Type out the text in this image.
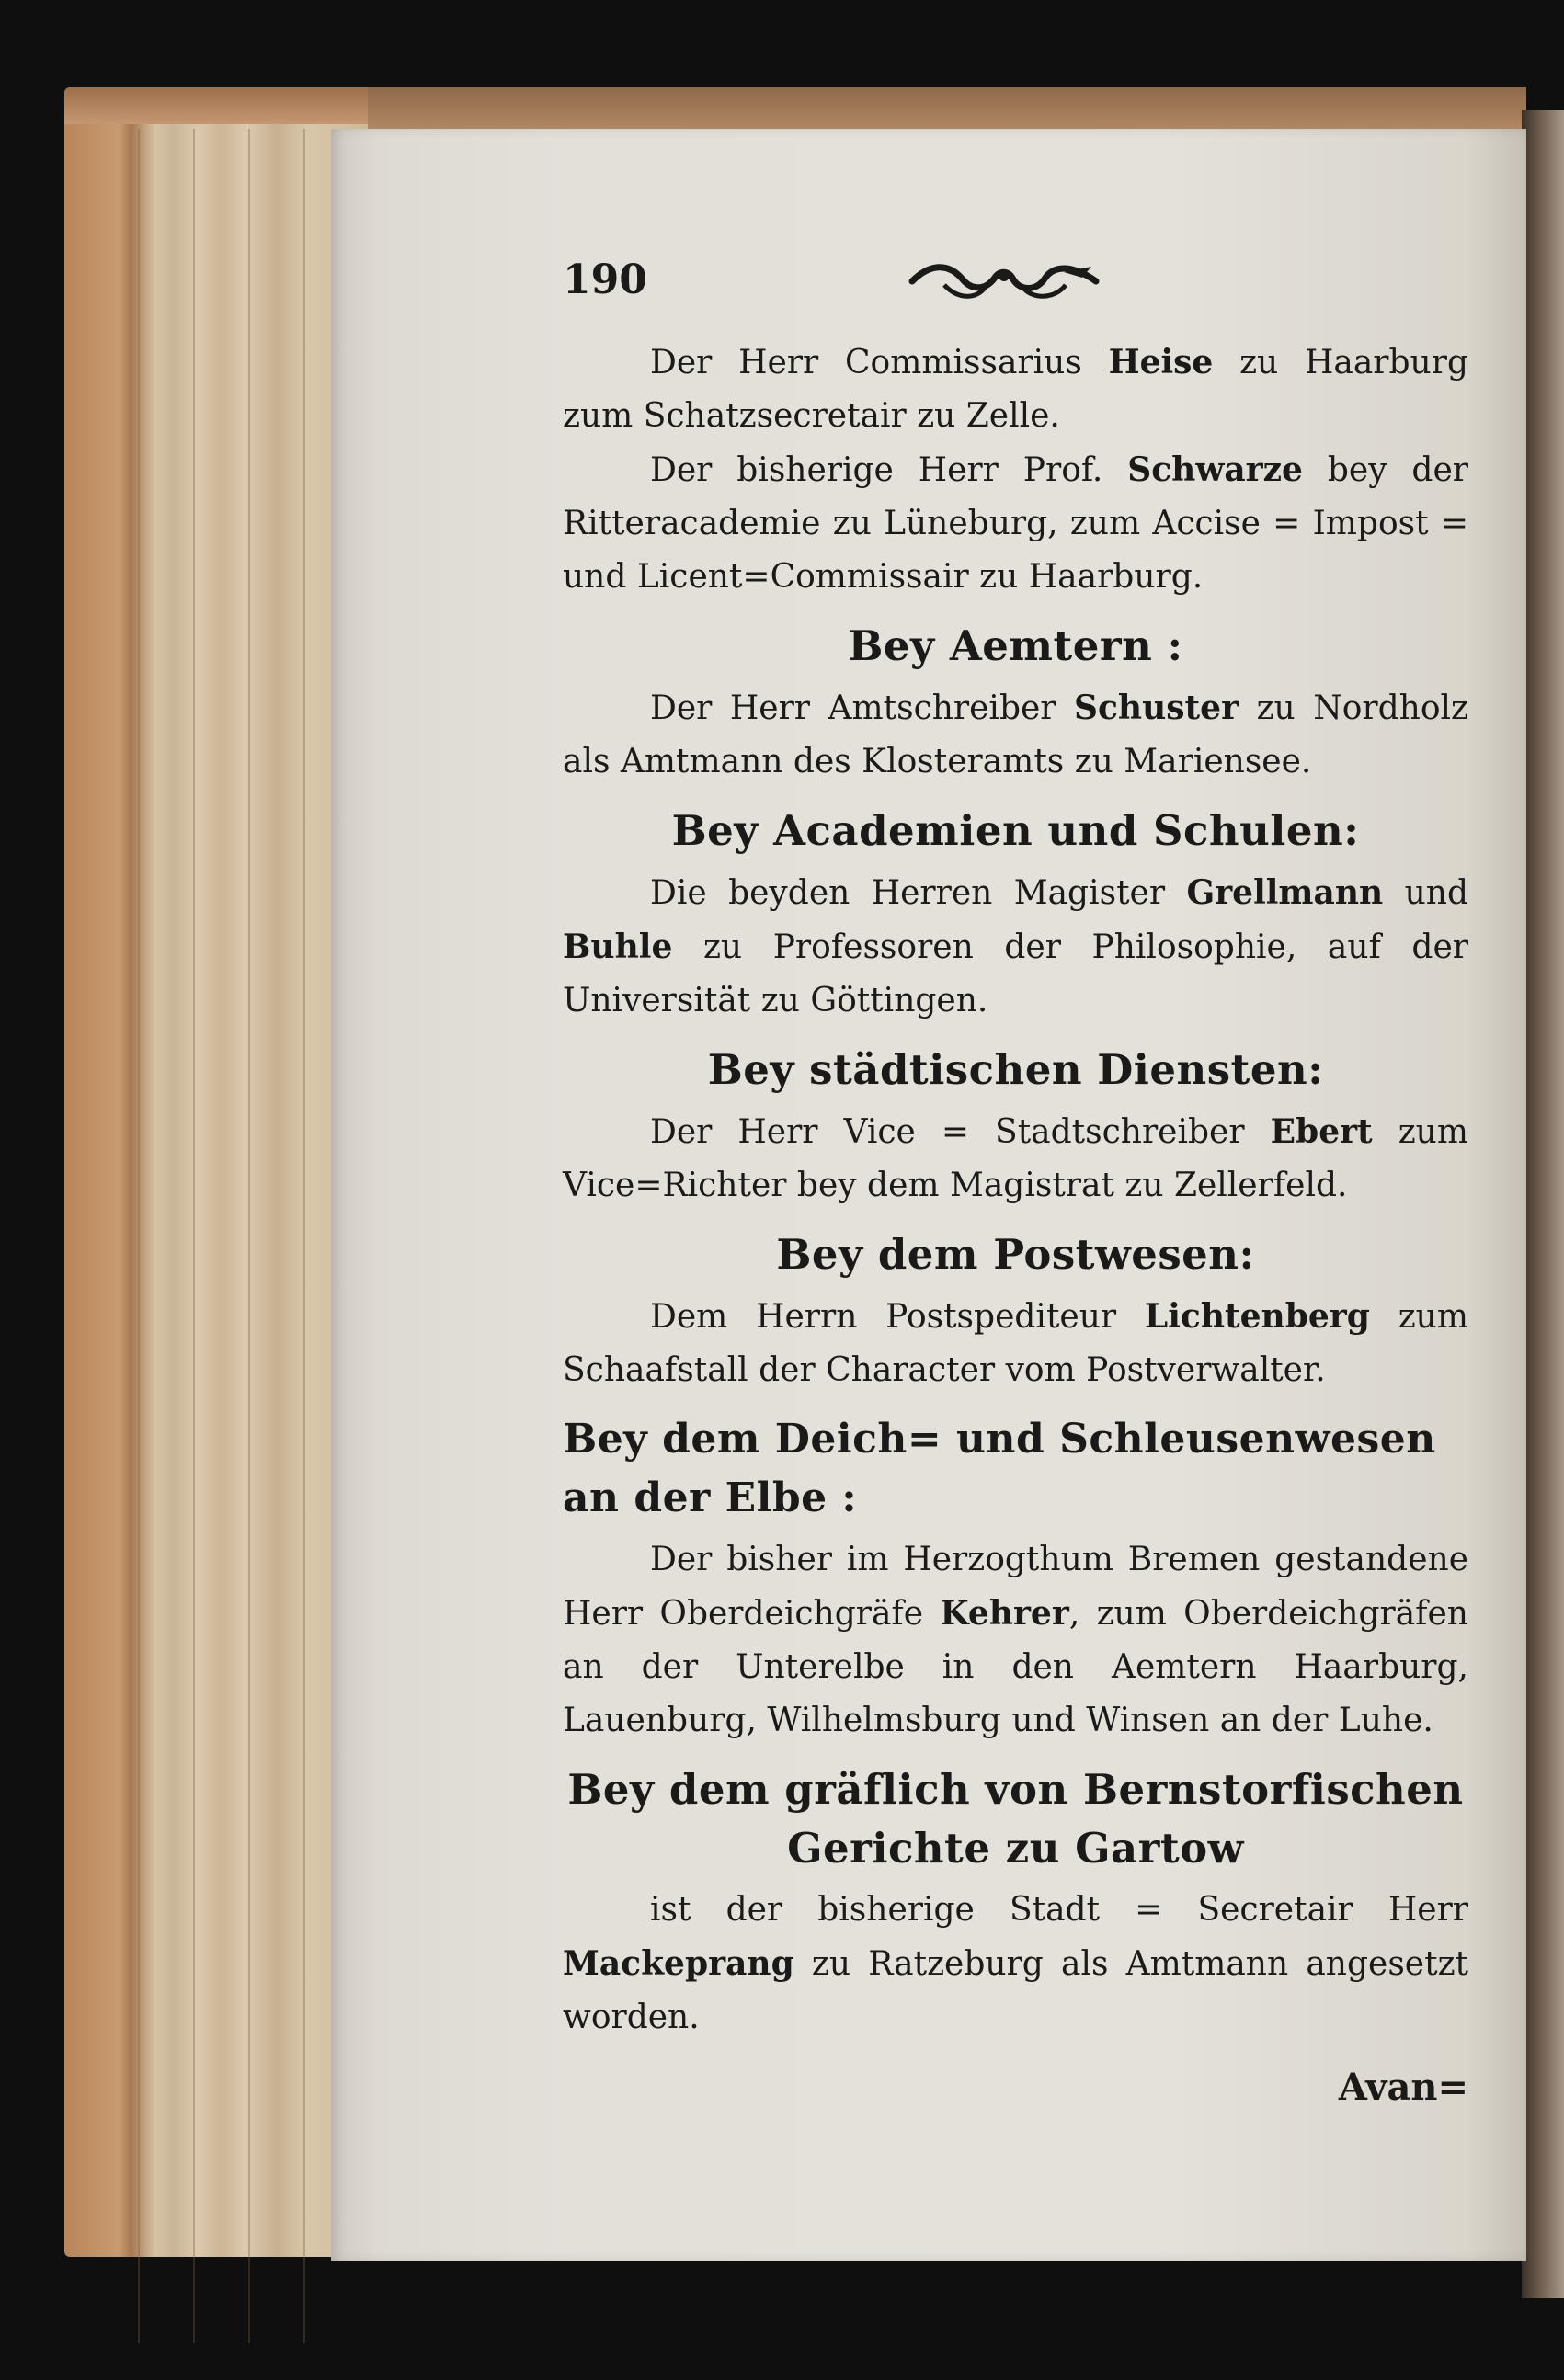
190

Der Herr Commissarius Heise zu Haarburg zum Schatzsecretair zu Zelle.

Der bisherige Herr Prof. Schwarze bey der Ritteracademie zu Lüneburg, zum Accise = Impost = und Licent=Commissair zu Haarburg.

Bey Aemtern :

Der Herr Amtschreiber Schuster zu Nordholz als Amtmann des Klosteramts zu Mariensee.

Bey Academien und Schulen:

Die beyden Herren Magister Grellmann und Buhle zu Professoren der Philosophie, auf der Universität zu Göttingen.

Bey städtischen Diensten:

Der Herr Vice = Stadtschreiber Ebert zum Vice=Richter bey dem Magistrat zu Zellerfeld.

Bey dem Postwesen:

Dem Herrn Postspediteur Lichtenberg zum Schaafstall der Character vom Postverwalter.

Bey dem Deich= und Schleusenwesen an der Elbe :

Der bisher im Herzogthum Bremen gestandene Herr Oberdeichgräfe Kehrer, zum Oberdeichgräfen an der Unterelbe in den Aemtern Haarburg, Lauenburg, Wilhelmsburg und Winsen an der Luhe.

Bey dem gräflich von Bernstorfischen Gerichte zu Gartow

ist der bisherige Stadt = Secretair Herr Mackeprang zu Ratzeburg als Amtmann angesetzt worden.

Avan=
